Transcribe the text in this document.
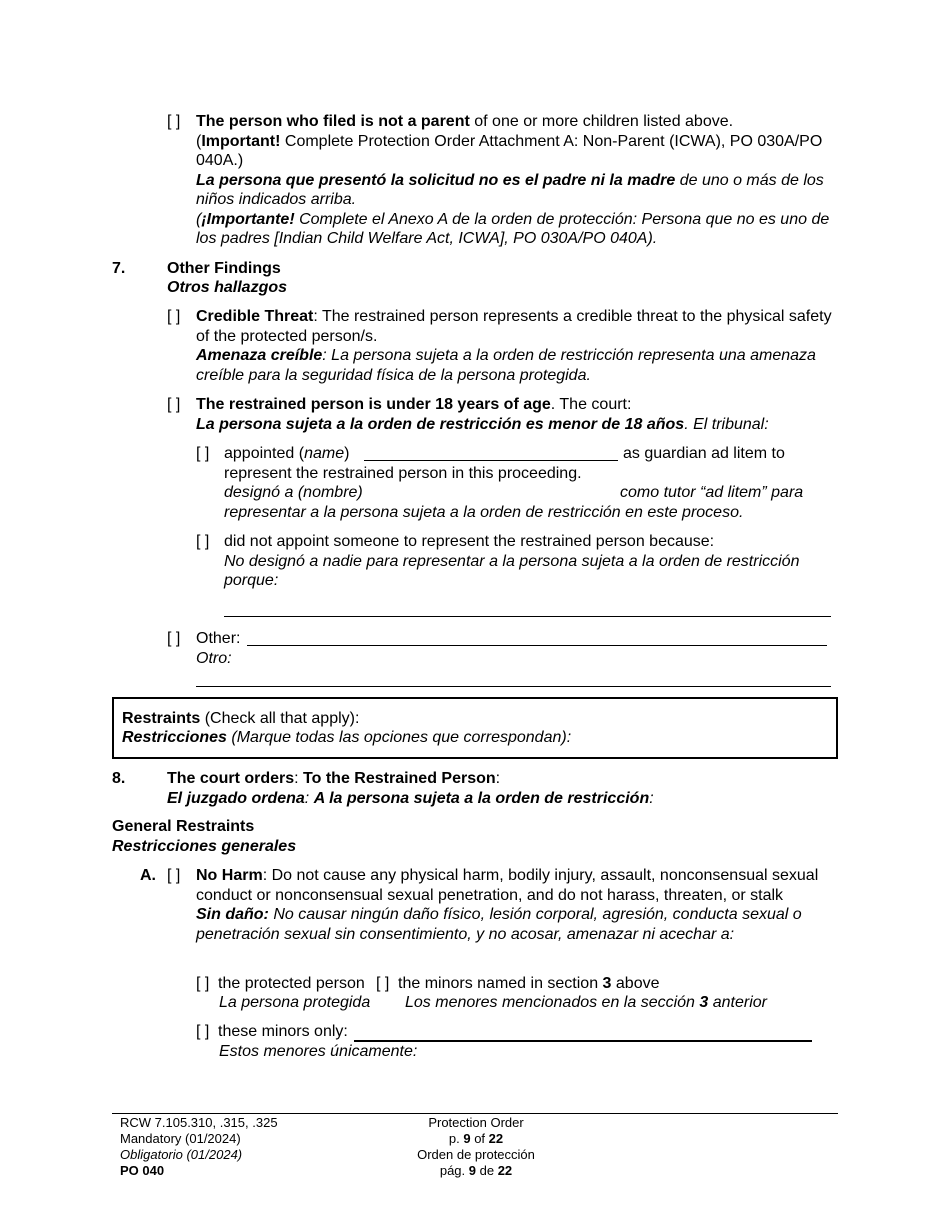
[ ] The person who filed is not a parent of one or more children listed above.
(Important! Complete Protection Order Attachment A: Non-Parent (ICWA), PO 030A/PO 040A.)
La persona que presentó la solicitud no es el padre ni la madre de uno o más de los niños indicados arriba.
(¡Importante! Complete el Anexo A de la orden de protección: Persona que no es uno de los padres [Indian Child Welfare Act, ICWA], PO 030A/PO 040A).
7.	Other Findings
Otros hallazgos
[ ] Credible Threat: The restrained person represents a credible threat to the physical safety of the protected person/s.
Amenaza creíble: La persona sujeta a la orden de restricción representa una amenaza creíble para la seguridad física de la persona protegida.
[ ] The restrained person is under 18 years of age. The court:
La persona sujeta a la orden de restricción es menor de 18 años. El tribunal:
[ ] appointed (name)	as guardian ad litem to
represent the restrained person in this proceeding.
designó a (nombre)	como tutor “ad litem” para
representar a la persona sujeta a la orden de restricción en este proceso.
[ ] did not appoint someone to represent the restrained person because:
No designó a nadie para representar a la persona sujeta a la orden de restricción porque:
[ ] Other:
Otro:
Restraints (Check all that apply):
Restricciones (Marque todas las opciones que correspondan):
8.	The court orders: To the Restrained Person:
El juzgado ordena: A la persona sujeta a la orden de restricción:
General Restraints
Restricciones generales
A. [ ] No Harm: Do not cause any physical harm, bodily injury, assault, nonconsensual sexual conduct or nonconsensual sexual penetration, and do not harass, threaten, or stalk
Sin daño: No causar ningún daño físico, lesión corporal, agresión, conducta sexual o penetración sexual sin consentimiento, y no acosar, amenazar ni acechar a:
[ ] the protected person [ ] the minors named in section 3 above
La persona protegida Los menores mencionados en la sección 3 anterior
[ ] these minors only:
Estos menores únicamente:
RCW 7.105.310, .315, .325
Mandatory (01/2024)
Obligatorio (01/2024)
PO 040
Protection Order
p. 9 of 22
Orden de protección
pág. 9 de 22
